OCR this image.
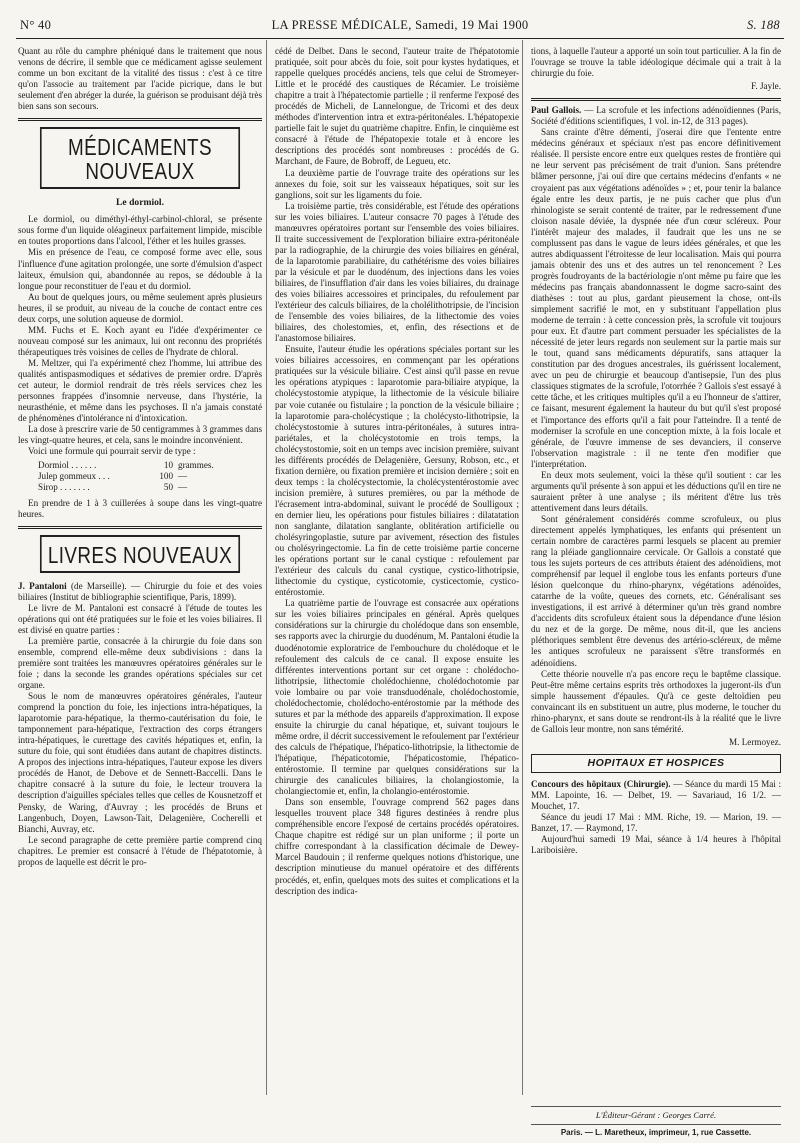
N° 40	LA PRESSE MÉDICALE, Samedi, 19 Mai 1900	S. 188

Quant au rôle du camphre phéniqué dans le traitement que nous venons de décrire, il semble que ce médicament agisse seulement comme un bon excitant de la vitalité des tissus : c'est à ce titre qu'on l'associe au traitement par l'acide picrique, dans le but seulement d'en abréger la durée, la guérison se produisant déjà très bien sans son secours.

MÉDICAMENTS NOUVEAUX
Le dormiol.

Le dormiol, ou diméthyl-éthyl-carbinol-chloral, se présente sous forme d'un liquide oléagineux parfaitement limpide, miscible en toutes proportions dans l'alcool, l'éther et les huiles grasses.

Mis en présence de l'eau, ce composé forme avec elle, sous l'influence d'une agitation prolongée, une sorte d'émulsion d'aspect laiteux, émulsion qui, abandonnée au repos, se dédouble à la longue pour reconstituer de l'eau et du dormiol.

Au bout de quelques jours, ou même seulement après plusieurs heures, il se produit, au niveau de la couche de contact entre ces deux corps, une solution aqueuse de dormiol.

MM. Fuchs et E. Koch ayant eu l'idée d'expérimenter ce nouveau composé sur les animaux, lui ont reconnu des propriétés thérapeutiques très voisines de celles de l'hydrate de chloral.

M. Meltzer, qui l'a expérimenté chez l'homme, lui attribue des qualités antispasmodiques et sédatives de premier ordre. D'après cet auteur, le dormiol rendrait de très réels services chez les personnes frappées d'insomnie nerveuse, dans l'hystérie, la neurasthénie, et même dans les psychoses. Il n'a jamais constaté de phénomènes d'intolérance ni d'intoxication.

La dose à prescrire varie de 50 centigrammes à 3 grammes dans les vingt-quatre heures, et cela, sans le moindre inconvénient.

Voici une formule qui pourrait servir de type :

Dormiol . . . . . .	10 grammes.
Julep gommeux . . .	100 —
Sirop . . . . . . .	50 —

En prendre de 1 à 3 cuillerées à soupe dans les vingt-quatre heures.

LIVRES NOUVEAUX

J. Pantaloni (de Marseille). — Chirurgie du foie et des voies biliaires (Institut de bibliographie scientifique, Paris, 1899).

Le livre de M. Pantaloni est consacré à l'étude de toutes les opérations qui ont été pratiquées sur le foie et les voies biliaires. Il est divisé en quatre parties :

La première partie, consacrée à la chirurgie du foie dans son ensemble, comprend elle-même deux subdivisions : dans la première sont traitées les manœuvres opératoires générales sur le foie ; dans la seconde les grandes opérations spéciales sur cet organe.

Sous le nom de manœuvres opératoires générales, l'auteur comprend la ponction du foie, les injections intra-hépatiques, la laparotomie para-hépatique, la thermo-cautérisation du foie, le tamponnement para-hépatique, l'extraction des corps étrangers intra-hépatiques, le curettage des cavités hépatiques et, enfin, la suture du foie, qui sont étudiées dans autant de chapitres distincts. A propos des injections intra-hépatiques, l'auteur expose les divers procédés de Hanot, de Debove et de Sennett-Baccelli. Dans le chapitre consacré à la suture du foie, le lecteur trouvera la description d'aiguilles spéciales telles que celles de Kousnetzoff et Pensky, de Waring, d'Auvray ; les procédés de Bruns et Langenbuch, Doyen, Lawson-Tait, Delagenière, Cocherelli et Bianchi, Auvray, etc.

Le second paragraphe de cette première partie comprend cinq chapitres. Le premier est consacré à l'étude de l'hépatotomie, à propos de laquelle est décrit le pro-

cédé de Delbet. Dans le second, l'auteur traite de l'hépatotomie pratiquée, soit pour abcès du foie, soit pour kystes hydatiques, et rappelle quelques procédés anciens, tels que celui de Stromeyer-Little et le procédé des caustiques de Récamier. Le troisième chapitre a trait à l'hépatectomie partielle ; il renferme l'exposé des procédés de Micheli, de Lannelongue, de Tricomi et des deux méthodes d'intervention intra et extra-péritonéales. L'hépatopexie partielle fait le sujet du quatrième chapitre. Enfin, le cinquième est consacré à l'étude de l'hépatopexie totale et à encore les descriptions des procédés sont nombreuses : procédés de G. Marchant, de Faure, de Bobroff, de Legueu, etc.

La deuxième partie de l'ouvrage traite des opérations sur les annexes du foie, soit sur les vaisseaux hépatiques, soit sur les ganglions, soit sur les ligaments du foie.

La troisième partie, très considérable, est l'étude des opérations sur les voies biliaires. L'auteur consacre 70 pages à l'étude des manœuvres opératoires portant sur l'ensemble des voies biliaires. Il traite successivement de l'exploration biliaire extra-péritonéale par la radiographie, de la chirurgie des voies biliaires en général, de la laparotomie parabiliaire, du cathétérisme des voies biliaires par la vésicule et par le duodénum, des injections dans les voies biliaires, de l'insufflation d'air dans les voies biliaires, du drainage des voies biliaires accessoires et principales, du refoulement par l'extérieur des calculs biliaires, de la cholélithotripsie, de l'incision de l'ensemble des voies biliaires, de la lithectomie des voies biliaires, des cholestomies, et, enfin, des résections et de l'anastomose biliaires.

Ensuite, l'auteur étudie les opérations spéciales portant sur les voies biliaires accessoires, en commençant par les opérations pratiquées sur la vésicule biliaire. C'est ainsi qu'il passe en revue les opérations atypiques : laparotomie para-biliaire atypique, la cholécystostomie atypique, la lithectomie de la vésicule biliaire par voie cutanée ou fistulaire ; la ponction de la vésicule biliaire ; la laparotomie para-cholécystique ; la cholécysto-lithotripsie, la cholécystostomie à sutures intra-péritonéales, à sutures intra-pariétales, et la cholécystotomie en trois temps, la cholécystostomie, soit en un temps avec incision première, suivant les différents procédés de Delagenière, Gersuny, Robson, etc., et fixation dernière, ou fixation première et incision dernière ; soit en deux temps : la cholécystectomie, la cholécystentérostomie avec incision première, à sutures premières, ou par la méthode de l'écrasement intra-abdominal, suivant le procédé de Soulligoux ; en dernier lieu, les opérations pour fistules biliaires : dilatatation non sanglante, dilatation sanglante, oblitération artificielle ou cholésyringoplastie, suture par avivement, résection des fistules ou cholésyringectomie. La fin de cette troisième partie concerne les opérations portant sur le canal cystique : refoulement par l'extérieur des calculs du canal cystique, cystico-lithotripsie, lithectomie du cystique, cysticotomie, cysticectomie, cystico-entérostomie.

La quatrième partie de l'ouvrage est consacrée aux opérations sur les voies biliaires principales en général. Après quelques considérations sur la chirurgie du cholédoque dans son ensemble, ses rapports avec la chirurgie du duodénum, M. Pantaloni étudie la duodénotomie exploratrice de l'embouchure du cholédoque et le refoulement des calculs de ce canal. Il expose ensuite les différentes interventions portant sur cet organe : cholédocho-lithotripsie, lithectomie cholédochienne, cholédochotomie par voie lombaire ou par voie transduodénale, cholédochostomie, cholédochectomie, cholédocho-entérostomie par la méthode des sutures et par la méthode des appareils d'approximation. Il expose ensuite la chirurgie du canal hépatique, et, suivant toujours le même ordre, il décrit successivement le refoulement par l'extérieur des calculs de l'hépatique, l'hépatico-lithotripsie, la lithectomie de l'hépatique, l'hépaticotomie, l'hépaticostomie, l'hépatico-entérostomie. Il termine par quelques considérations sur la chirurgie des canalicules biliaires, la cholangiostomie, la cholangiectomie et, enfin, la cholangio-entérostomie.

Dans son ensemble, l'ouvrage comprend 562 pages dans lesquelles trouvent place 348 figures destinées à rendre plus compréhensible encore l'exposé de certains procédés opératoires. Chaque chapitre est rédigé sur un plan uniforme ; il porte un chiffre correspondant à la classification décimale de Dewey-Marcel Baudouin ; il renferme quelques notions d'historique, une description minutieuse du manuel opératoire et des différents procédés, et, enfin, quelques mots des suites et complications et la description des indica-

tions, à laquelle l'auteur a apporté un soin tout particulier. A la fin de l'ouvrage se trouve la table idéologique décimale qui a trait à la chirurgie du foie.

F. Jayle.

Paul Gallois. — La scrofule et les infections adénoïdiennes (Paris, Société d'éditions scientifiques, 1 vol. in-12, de 313 pages).

Sans crainte d'être démenti, j'oserai dire que l'entente entre médecins généraux et spéciaux n'est pas encore définitivement réalisée. Il persiste encore entre eux quelques restes de frontière qui ne leur servent pas précisément de trait d'union. Sans prétendre blâmer personne, j'ai ouï dire que certains médecins d'enfants « ne croyaient pas aux végétations adénoïdes » ; et, pour tenir la balance égale entre les deux partis, je ne puis cacher que plus d'un rhinologiste se serait contenté de traiter, par le redressement d'une cloison nasale déviée, la dyspnée née d'un cœur scléreux. Pour l'intérêt majeur des malades, il faudrait que les uns ne se complussent pas dans le vague de leurs idées générales, et que les autres abdiquassent l'étroitesse de leur localisation. Mais qui pourra jamais obtenir des uns et des autres un tel renoncement ? Les progrès foudroyants de la bactériologie n'ont même pu faire que les médecins pas français abandonnassent le dogme sacro-saint des diathèses : tout au plus, gardant pieusement la chose, ont-ils simplement sacrifié le mot, en y substituant l'appellation plus moderne de terrain : à cette concession près, la scrofule vit toujours pour eux. Et d'autre part comment persuader les spécialistes de la nécessité de jeter leurs regards non seulement sur la partie mais sur le tout, quand sans médicaments dépuratifs, sans attaquer la constitution par des drogues ancestrales, ils guérissent localement, avec un peu de chirurgie et beaucoup d'antisepsie, l'un des plus classiques stigmates de la scrofule, l'otorrhée ? Gallois s'est essayé à cette tâche, et les critiques multiples qu'il a eu l'honneur de s'attirer, ce faisant, mesurent également la hauteur du but qu'il s'est proposé et l'importance des efforts qu'il a fait pour l'atteindre. Il a tenté de moderniser la scrofule en une conception mixte, à la fois locale et générale, de l'œuvre immense de ses devanciers, il conserve l'observation magistrale : il ne tente d'en modifier que l'interprétation.

En deux mots seulement, voici la thèse qu'il soutient : car les arguments qu'il présente à son appui et les déductions qu'il en tire ne sauraient prêter à une analyse ; ils méritent d'être lus très attentivement dans leurs détails.

Sont généralement considérés comme scrofuleux, ou plus directement appelés lymphatiques, les enfants qui présentent un certain nombre de caractères parmi lesquels se placent au premier rang la pléiade ganglionnaire cervicale. Or Gallois a constaté que tous les sujets porteurs de ces attributs étaient des adénoïdiens, mot compréhensif par lequel il englobe tous les enfants porteurs d'une lésion quelconque du rhino-pharynx, végétations adénoïdes, catarrhe de la voûte, queues des cornets, etc. Généralisant ses investigations, il est arrivé à déterminer qu'un très grand nombre d'accidents dits scrofuleux étaient sous la dépendance d'une lésion du nez et de la gorge. De même, nous dit-il, que les anciens pléthoriques semblent être devenus des artério-scléreux, de même les antiques scrofuleux ne paraissent s'être transformés en adénoïdiens.

Cette théorie nouvelle n'a pas encore reçu le baptême classique. Peut-être même certains esprits très orthodoxes la jugeront-ils d'un simple haussement d'épaules. Qu'à ce geste deltoïdien peu convaincant ils en substituent un autre, plus moderne, le toucher du rhino-pharynx, et sans doute se rendront-ils à la réalité que le livre de Gallois leur montre, non sans témérité.

M. Lermoyez.
HOPITAUX ET HOSPICES

Concours des hôpitaux (Chirurgie). — Séance du mardi 15 Mai : MM. Lapointe, 16. — Delbet, 19. — Savariaud, 16 1/2. — Mouchet, 17.

Séance du jeudi 17 Mai : MM. Riche, 19. — Marion, 19. — Banzet, 17. — Raymond, 17.

Aujourd'hui samedi 19 Mai, séance à 1/4 heures à l'hôpital Lariboisière.

L'Éditeur-Gérant : Georges Carré.
Paris. — L. Maretheux, imprimeur, 1, rue Cassette.
